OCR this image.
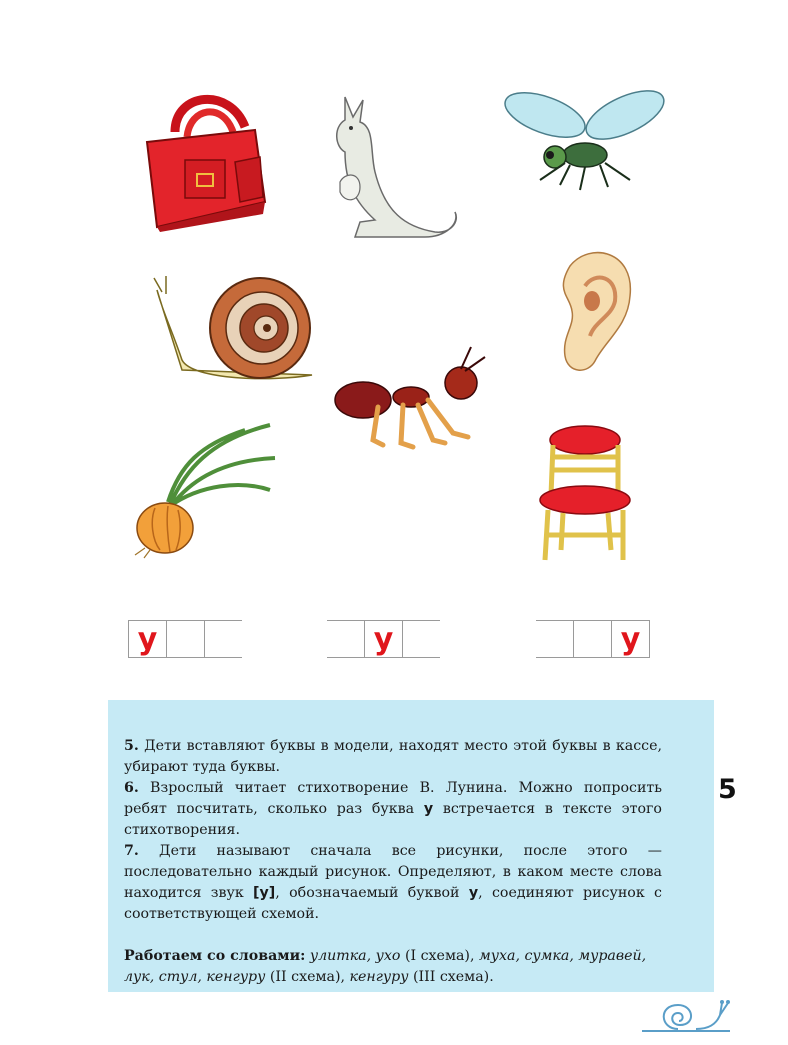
у	у	у

5. Дети вставляют буквы в модели, находят место этой буквы в кассе, убирают туда буквы.

6. Взрослый читает стихотворение В. Лунина. Можно попросить ребят посчитать, сколько раз буква у встречается в тексте этого стихотворения.

7. Дети называют сначала все рисунки, после этого — последовательно каждый рисунок. Определяют, в каком месте слова находится звук [у], обозначаемый буквой у, соединяют рисунок с соответствующей схемой.

Работаем со словами: улитка, ухо (I схема), муха, сумка, муравей, лук, стул, кенгуру (II схема), кенгуру (III схема).

5
